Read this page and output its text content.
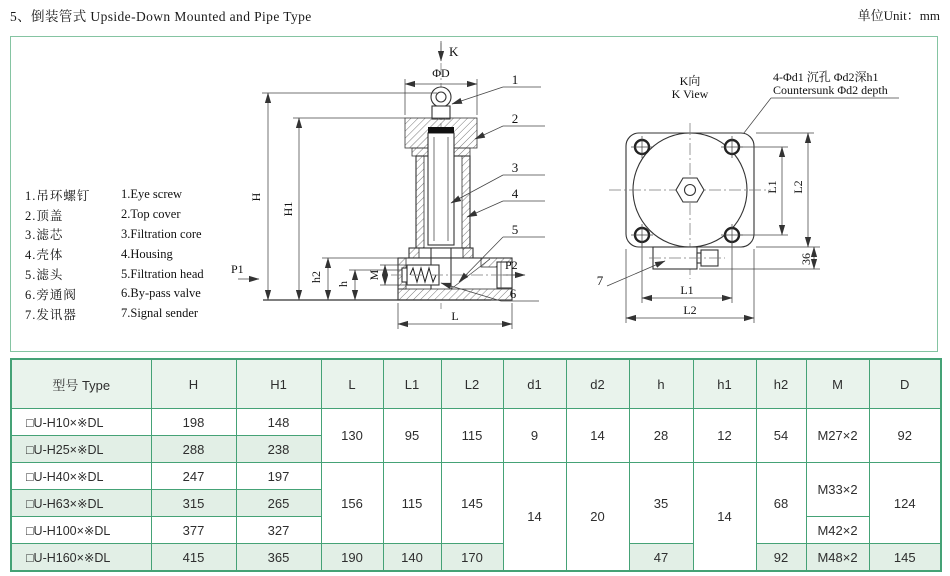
5、倒装管式 Upside-Down Mounted and Pipe Type	单位Unit：mm
1.吊环螺钉	1.Eye screw
2.顶盖	2.Top cover
3.滤芯	3.Filtration core
4.壳体	4.Housing
5.滤头	5.Filtration head
6.旁通阀	6.By-pass valve
7.发讯器	7.Signal sender
K
ΦD
H
H1
h2
h
M
P1	P2
L
1
2
3
4
5
6
K向
K View
4-Φd1 沉孔 Φd2深h1
Countersunk Φd2 depth
7
L1
L2
L1 L2
36
型号 Type	H	H1	L	L1	L2	d1	d2	h	h1	h2	M	D
□U-H10×※DL	198	148	130	95	115	9	14	28	12	54	M27×2	92
□U-H25×※DL	288	238										
□U-H40×※DL	247	197	156	115	145	14	20	35	14	68	M33×2	124
□U-H63×※DL	315	265										
□U-H100×※DL	377	327									M42×2	
□U-H160×※DL	415	365	190	140	170			47		92	M48×2	145
